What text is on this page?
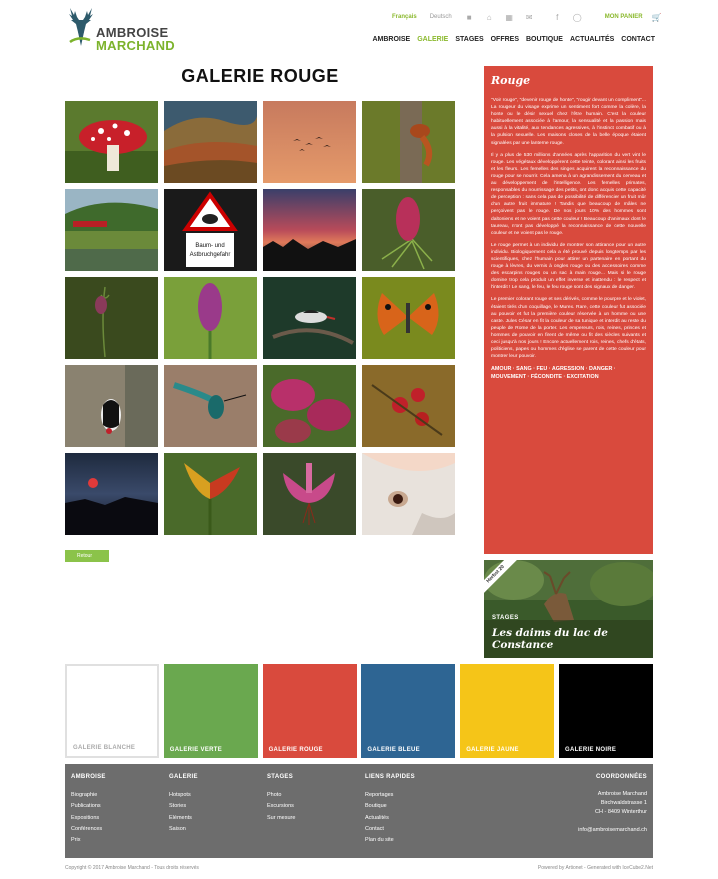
AMBROISE
MARCHAND
Français Deutsch ■ ⌂ ▦ ✉	f	◯	MON PANIER 🛒
AMBROISE GALERIE STAGES OFFRES BOUTIQUE ACTUALITÉS CONTACT
GALERIE ROUGE
Baum- und
Astbruchgefahr
Retour
Rouge

"Voir rouge", "devenir rouge de honte", "rougir devant un compliment"... La rougeur du visage exprime un sentiment fort comme la colère, la honte ou le désir sexuel chez l'être humain. C'est la couleur habituellement associée à l'amour, la sensualité et la passion mais aussi à la vitalité, aux tendances agressives, à l'instinct combatif ou à la pulsion sexuelle. Les maisons closes de la belle époque étaient signalées par une lanterne rouge.

Il y a plus de 530 millions d'années après l'apparition du vert vint le rouge. Les végétaux développèrent cette teinte, colorant ainsi les fruits et les fleurs. Les femelles des singes acquirent la reconnaissance du rouge pour se nourrir. Cela amena à un agrandissement du cerveau et au développement de l'intelligence. Les femelles primates, responsables du nourrissage des petits, ont donc acquis cette capacité de perception : sans cela pas de possibilité de différencier un fruit mûr d'un autre fruit immature ! Tandis que beaucoup de mâles ne perçoivent pas le rouge. De nos jours 10% des hommes sont daltoniens et ne voient pas cette couleur ! Beaucoup d'animaux dont le taureau, n'ont pas développé la reconnaissance de cette nouvelle couleur et ne voient pas le rouge.

Le rouge permet à un individu de montrer son attirance pour un autre individu. Biologiquement cela a été prouvé depuis longtemps par les scientifiques, chez l'humain pour attirer un partenaire en portant du rouge à lèvres, du vernis à ongles rouge ou des accessoires comme des escarpins rouges ou un sac à main rouge... Mais si le rouge domine trop cela produit un effet inverse et inattendu : le respect et l'interdit ! Le sang, le feu, le feu rouge sont des signaux de danger.

Le premier colorant rouge et ses dérivés, comme le pourpre et le violet, étaient tirés d'un coquillage, le Murex. Rare, cette couleur fut associée au pouvoir et fut la première couleur réservée à un homme ou une caste. Jules César en fit la couleur de sa tunique et interdit au reste du peuple de Rome de la porter. Les empereurs, rois, reines, princes et hommes de pouvoir en firent de même ou fit des siècles suivants et ceci jusqu'à nos jours ! Encore actuellement rois, reines, chefs d'états, politiciens, papes ou hommes d'église se parent de cette couleur pour montrer leur pouvoir.

AMOUR · SANG · FEU · AGRESSION · DANGER · MOUVEMENT · FÉCONDITE · EXCITATION
Herbst 20
STAGES
Les daims du lac de Constance
GALERIE BLANCHE	GALERIE VERTE	GALERIE ROUGE	GALERIE BLEUE	GALERIE JAUNE	GALERIE NOIRE
AMBROISE
Biographie
Publications
Expositions
Conférences
Prix
GALERIE
Hotspots
Stories
Eléments
Saison
STAGES
Photo
Excursions
Sur mesure
LIENS RAPIDES
Reportages
Boutique
Actualités
Contact
Plan du site
COORDONNÉES
Ambroise Marchand
Birchwaldstrasse 1
CH - 8409 Winterthur
info@ambroisemarchand.ch
Copyright © 2017 Ambroise Marchand - Tous droits réservés	Powered by Artionet - Generated with IceCube2.Net
